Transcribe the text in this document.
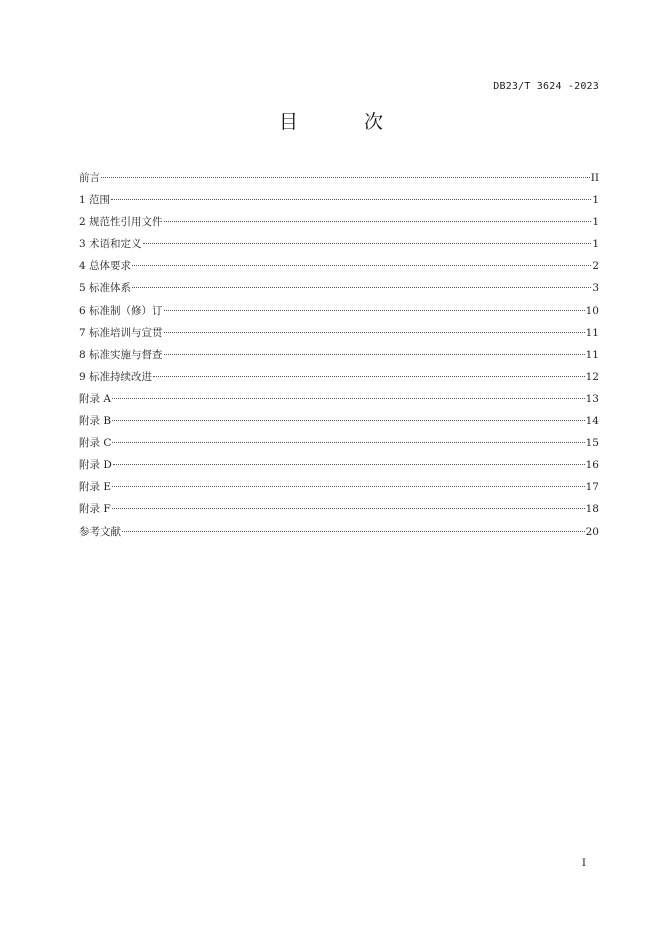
DB23/T 3624 -2023
目 次
前言	II
1 范围	1
2 规范性引用文件	1
3 术语和定义	1
4 总体要求	2
5 标准体系	3
6 标准制（修）订	10
7 标准培训与宣贯	11
8 标准实施与督查	11
9 标准持续改进	12
附录 A	13
附录 B	14
附录 C	15
附录 D	16
附录 E	17
附录 F	18
参考文献	20
I
